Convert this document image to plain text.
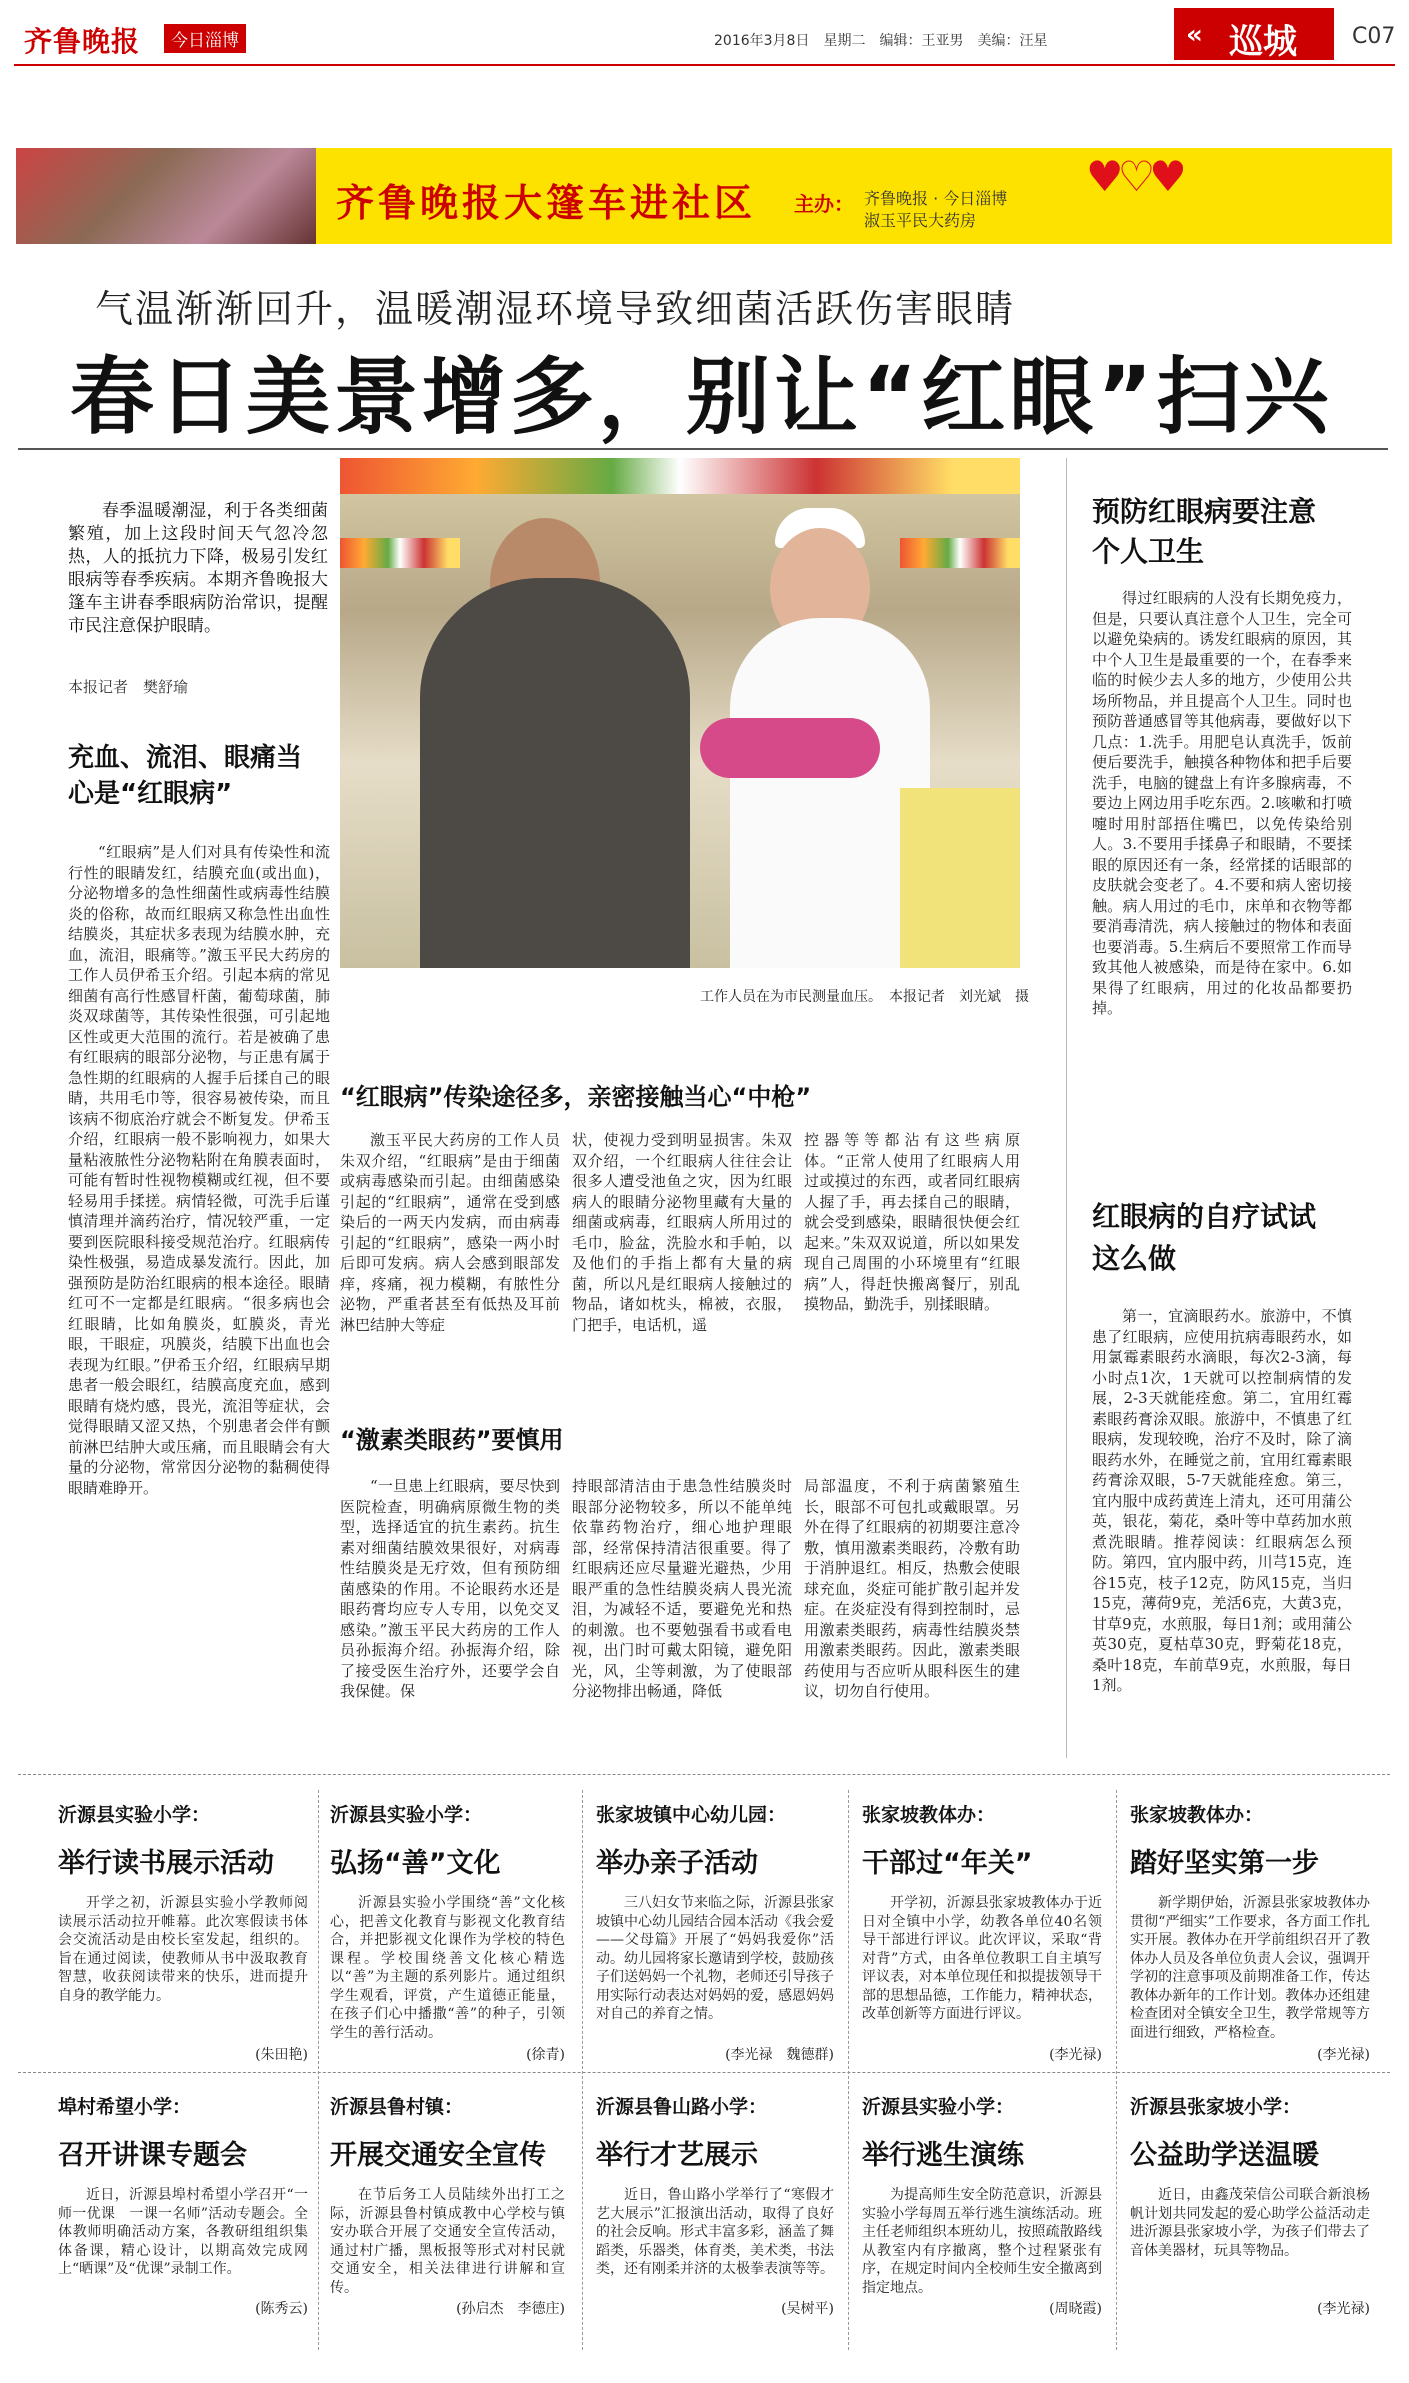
齐鲁晚报	今日淄博	2016年3月8日　星期二　编辑：王亚男　美编：汪星	巡城
«	C07
齐鲁晚报大篷车进社区 主办： 齐鲁晚报 · 今日淄博
淑玉平民大药房
♥♡♥
气温渐渐回升，温暖潮湿环境导致细菌活跃伤害眼睛
春日美景增多，别让“红眼”扫兴
春季温暖潮湿，利于各类细菌繁殖，加上这段时间天气忽冷忽热，人的抵抗力下降，极易引发红眼病等春季疾病。本期齐鲁晚报大篷车主讲春季眼病防治常识，提醒市民注意保护眼睛。
本报记者　樊舒瑜
充血、流泪、眼痛当心是“红眼病”
“红眼病”是人们对具有传染性和流行性的眼睛发红，结膜充血(或出血)，分泌物增多的急性细菌性或病毒性结膜炎的俗称，故而红眼病又称急性出血性结膜炎，其症状多表现为结膜水肿，充血，流泪，眼痛等。”激玉平民大药房的工作人员伊希玉介绍。引起本病的常见细菌有高行性感冒杆菌，葡萄球菌，肺炎双球菌等，其传染性很强，可引起地区性或更大范围的流行。若是被确了患有红眼病的眼部分泌物，与正患有属于急性期的红眼病的人握手后揉自己的眼睛，共用毛巾等，很容易被传染，而且该病不彻底治疗就会不断复发。伊希玉介绍，红眼病一般不影响视力，如果大量粘液脓性分泌物粘附在角膜表面时，可能有暂时性视物模糊或红视，但不要轻易用手揉搓。病情轻微，可洗手后谨慎清理并滴药治疗，情况较严重，一定要到医院眼科接受规范治疗。红眼病传染性极强，易造成暴发流行。因此，加强预防是防治红眼病的根本途径。眼睛红可不一定都是红眼病。“很多病也会红眼睛，比如角膜炎，虹膜炎，青光眼，干眼症，巩膜炎，结膜下出血也会表现为红眼。”伊希玉介绍，红眼病早期患者一般会眼红，结膜高度充血，感到眼睛有烧灼感，畏光，流泪等症状，会觉得眼睛又涩又热，个别患者会伴有颤前淋巴结肿大或压痛，而且眼睛会有大量的分泌物，常常因分泌物的黏稠使得眼睛难睁开。
工作人员在为市民测量血压。　本报记者　刘光斌　摄
“红眼病”传染途径多，亲密接触当心“中枪”
激玉平民大药房的工作人员朱双介绍，“红眼病”是由于细菌或病毒感染而引起。由细菌感染引起的“红眼病”，通常在受到感染后的一两天内发病，而由病毒引起的“红眼病”，感染一两小时后即可发病。病人会感到眼部发痒，疼痛，视力模糊，有脓性分泌物，严重者甚至有低热及耳前淋巴结肿大等症
状，使视力受到明显损害。朱双双介绍，一个红眼病人往往会让很多人遭受池鱼之灾，因为红眼病人的眼睛分泌物里藏有大量的细菌或病毒，红眼病人所用过的毛巾，脸盆，洗脸水和手帕，以及他们的手指上都有大量的病菌，所以凡是红眼病人接触过的物品，诸如枕头，棉被，衣服，门把手，电话机，遥
控器等等都沾有这些病原体。“正常人使用了红眼病人用过或摸过的东西，或者同红眼病人握了手，再去揉自己的眼睛，就会受到感染，眼睛很快便会红起来。”朱双双说道，所以如果发现自己周围的小环境里有“红眼病”人，得赶快搬离餐厅，别乱摸物品，勤洗手，别揉眼睛。
“激素类眼药”要慎用
“一旦患上红眼病，要尽快到医院检查，明确病原微生物的类型，选择适宜的抗生素药。抗生素对细菌结膜效果很好，对病毒性结膜炎是无疗效，但有预防细菌感染的作用。不论眼药水还是眼药膏均应专人专用，以免交叉感染。”激玉平民大药房的工作人员孙振海介绍。孙振海介绍，除了接受医生治疗外，还要学会自我保健。保
持眼部清洁由于患急性结膜炎时眼部分泌物较多，所以不能单纯依靠药物治疗，细心地护理眼部，经常保持清洁很重要。得了红眼病还应尽量避光避热，少用眼严重的急性结膜炎病人畏光流泪，为减轻不适，要避免光和热的刺激。也不要勉强看书或看电视，出门时可戴太阳镜，避免阳光，风，尘等刺激，为了使眼部分泌物排出畅通，降低
局部温度，不利于病菌繁殖生长，眼部不可包扎或戴眼罩。另外在得了红眼病的初期要注意冷敷，慎用激素类眼药，冷敷有助于消肿退红。相反，热敷会使眼球充血，炎症可能扩散引起并发症。在炎症没有得到控制时，忌用激素类眼药，病毒性结膜炎禁用激素类眼药。因此，激素类眼药使用与否应听从眼科医生的建议，切勿自行使用。
预防红眼病要注意个人卫生
得过红眼病的人没有长期免疫力，但是，只要认真注意个人卫生，完全可以避免染病的。诱发红眼病的原因，其中个人卫生是最重要的一个，在春季来临的时候少去人多的地方，少使用公共场所物品，并且提高个人卫生。同时也预防普通感冒等其他病毒，要做好以下几点：1.洗手。用肥皂认真洗手，饭前便后要洗手，触摸各种物体和把手后要洗手，电脑的键盘上有许多腺病毒，不要边上网边用手吃东西。2.咳嗽和打喷嚏时用肘部捂住嘴巴，以免传染给别人。3.不要用手揉鼻子和眼睛，不要揉眼的原因还有一条，经常揉的话眼部的皮肤就会变老了。4.不要和病人密切接触。病人用过的毛巾，床单和衣物等都要消毒清洗，病人接触过的物体和表面也要消毒。5.生病后不要照常工作而导致其他人被感染，而是待在家中。6.如果得了红眼病，用过的化妆品都要扔掉。
红眼病的自疗试试这么做
第一，宜滴眼药水。旅游中，不慎患了红眼病，应使用抗病毒眼药水，如用氯霉素眼药水滴眼，每次2-3滴，每小时点1次，1天就可以控制病情的发展，2-3天就能痊愈。第二，宜用红霉素眼药膏涂双眼。旅游中，不慎患了红眼病，发现较晚，治疗不及时，除了滴眼药水外，在睡觉之前，宜用红霉素眼药膏涂双眼，5-7天就能痊愈。第三，宜内服中成药黄连上清丸，还可用蒲公英，银花，菊花，桑叶等中草药加水煎煮洗眼睛。推荐阅读：红眼病怎么预防。第四，宜内服中药，川芎15克，连谷15克，枝子12克，防风15克，当归15克，薄荷9克，羌活6克，大黄3克，甘草9克，水煎服，每日1剂；或用蒲公英30克，夏枯草30克，野菊花18克，桑叶18克，车前草9克，水煎服，每日1剂。
沂源县实验小学：
举行读书展示活动
开学之初，沂源县实验小学教师阅读展示活动拉开帷幕。此次寒假读书体会交流活动是由校长室发起，组织的。旨在通过阅读，使教师从书中汲取教育智慧，收获阅读带来的快乐，进而提升自身的教学能力。
(朱田艳)
沂源县实验小学：
弘扬“善”文化
沂源县实验小学围绕“善”文化核心，把善文化教育与影视文化教育结合，并把影视文化课作为学校的特色课程。学校围绕善文化核心精选以“善”为主题的系列影片。通过组织学生观看，评赏，产生道德正能量，在孩子们心中播撒“善”的种子，引领学生的善行活动。
(徐青)
张家坡镇中心幼儿园：
举办亲子活动
三八妇女节来临之际，沂源县张家坡镇中心幼儿园结合园本活动《我会爱——父母篇》开展了“妈妈我爱你”活动。幼儿园将家长邀请到学校，鼓励孩子们送妈妈一个礼物，老师还引导孩子用实际行动表达对妈妈的爱，感恩妈妈对自己的养育之情。
(李光禄　魏德群)
张家坡教体办：
干部过“年关”
开学初，沂源县张家坡教体办于近日对全镇中小学，幼教各单位40名领导干部进行评议。此次评议，采取“背对背”方式，由各单位教职工自主填写评议表，对本单位现任和拟提拔领导干部的思想品德，工作能力，精神状态，改革创新等方面进行评议。
(李光禄)
张家坡教体办：
踏好坚实第一步
新学期伊始，沂源县张家坡教体办贯彻“严细实”工作要求，各方面工作扎实开展。教体办在开学前组织召开了教体办人员及各单位负责人会议，强调开学初的注意事项及前期准备工作，传达教体办新年的工作计划。教体办还组建检查团对全镇安全卫生，教学常规等方面进行细致，严格检查。
(李光禄)
埠村希望小学：
召开讲课专题会
近日，沂源县埠村希望小学召开“一师一优课　一课一名师”活动专题会。全体教师明确活动方案，各教研组组织集体备课，精心设计，以期高效完成网上“晒课”及“优课”录制工作。
(陈秀云)
沂源县鲁村镇：
开展交通安全宣传
在节后务工人员陆续外出打工之际，沂源县鲁村镇成教中心学校与镇安办联合开展了交通安全宣传活动，通过村广播，黑板报等形式对村民就交通安全，相关法律进行讲解和宣传。
(孙启杰　李德庄)
沂源县鲁山路小学：
举行才艺展示
近日，鲁山路小学举行了“寒假才艺大展示”汇报演出活动，取得了良好的社会反响。形式丰富多彩，涵盖了舞蹈类，乐器类，体育类，美术类，书法类，还有刚柔并济的太极拳表演等等。
(吴树平)
沂源县实验小学：
举行逃生演练
为提高师生安全防范意识，沂源县实验小学每周五举行逃生演练活动。班主任老师组织本班幼儿，按照疏散路线从教室内有序撤离，整个过程紧张有序，在规定时间内全校师生安全撤离到指定地点。
(周晓霞)
沂源县张家坡小学：
公益助学送温暖
近日，由鑫茂荣信公司联合新浪杨帆计划共同发起的爱心助学公益活动走进沂源县张家坡小学，为孩子们带去了音体美器材，玩具等物品。
(李光禄)
